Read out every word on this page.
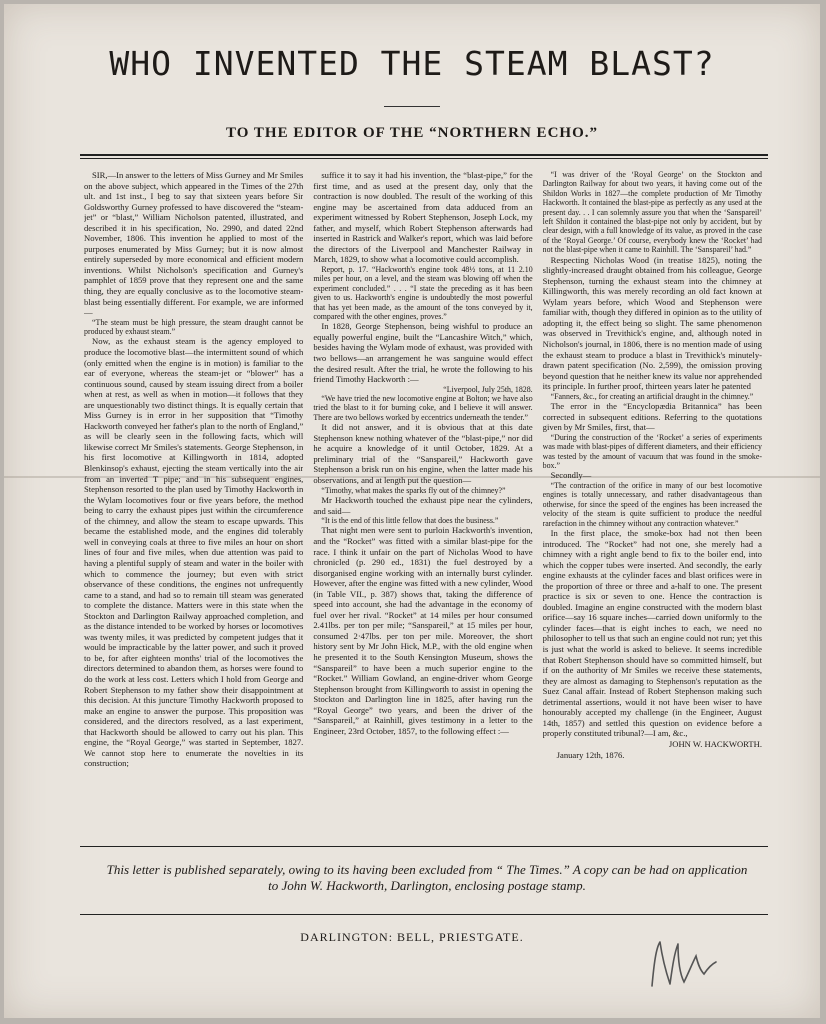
WHO INVENTED THE STEAM BLAST?
TO THE EDITOR OF THE “NORTHERN ECHO.”

SIR,—In answer to the letters of Miss Gurney and Mr Smiles on the above subject, which appeared in the Times of the 27th ult. and 1st inst., I beg to say that sixteen years before Sir Goldsworthy Gurney professed to have discovered the “steam-jet” or “blast,” William Nicholson patented, illustrated, and described it in his specification, No. 2990, and dated 22nd November, 1806. This invention he applied to most of the purposes enumerated by Miss Gurney; but it is now almost entirely superseded by more economical and efficient modern inventions. Whilst Nicholson's specification and Gurney's pamphlet of 1859 prove that they represent one and the same thing, they are equally conclusive as to the locomotive steam-blast being essentially different. For example, we are informed—

“The steam must be high pressure, the steam draught cannot be produced by exhaust steam.”

Now, as the exhaust steam is the agency employed to produce the locomotive blast—the intermittent sound of which (only emitted when the engine is in motion) is familiar to the ear of everyone, whereas the steam-jet or “blower” has a continuous sound, caused by steam issuing direct from a boiler when at rest, as well as when in motion—it follows that they are unquestionably two distinct things. It is equally certain that Miss Gurney is in error in her supposition that “Timothy Hackworth conveyed her father's plan to the north of England,” as will be clearly seen in the following facts, which will likewise correct Mr Smiles's statements. George Stephenson, in his first locomotive at Killingworth in 1814, adopted Blenkinsop's exhaust, ejecting the steam vertically into the air from an inverted T pipe; and in his subsequent engines, Stephenson resorted to the plan used by Timothy Hackworth in the Wylam locomotives four or five years before, the method being to carry the exhaust pipes just within the circumference of the chimney, and allow the steam to escape upwards. This became the established mode, and the engines did tolerably well in conveying coals at three to five miles an hour on short lines of four and five miles, when due attention was paid to having a plentiful supply of steam and water in the boiler with which to commence the journey; but even with strict observance of these conditions, the engines not unfrequently came to a stand, and had so to remain till steam was generated to complete the distance. Matters were in this state when the Stockton and Darlington Railway approached completion, and as the distance intended to be worked by horses or locomotives was twenty miles, it was predicted by competent judges that it would be impracticable by the latter power, and such it proved to be, for after eighteen months' trial of the locomotives the directors determined to abandon them, as horses were found to do the work at less cost. Letters which I hold from George and Robert Stephenson to my father show their disappointment at this decision. At this juncture Timothy Hackworth proposed to make an engine to answer the purpose. This proposition was considered, and the directors resolved, as a last experiment, that Hackworth should be allowed to carry out his plan. This engine, the “Royal George,” was started in September, 1827. We cannot stop here to enumerate the novelties in its construction;

suffice it to say it had his invention, the “blast-pipe,” for the first time, and as used at the present day, only that the contraction is now doubled. The result of the working of this engine may be ascertained from data adduced from an experiment witnessed by Robert Stephenson, Joseph Lock, my father, and myself, which Robert Stephenson afterwards had inserted in Rastrick and Walker's report, which was laid before the directors of the Liverpool and Manchester Railway in March, 1829, to show what a locomotive could accomplish.

Report, p. 17. “Hackworth's engine took 48½ tons, at 11 2.10 miles per hour, on a level, and the steam was blowing off when the experiment concluded.” . . . “I state the preceding as it has been given to us. Hackworth's engine is undoubtedly the most powerful that has yet been made, as the amount of the tons conveyed by it, compared with the other engines, proves.”

In 1828, George Stephenson, being wishful to produce an equally powerful engine, built the “Lancashire Witch,” which, besides having the Wylam mode of exhaust, was provided with two bellows—an arrangement he was sanguine would effect the desired result. After the trial, he wrote the following to his friend Timothy Hackworth :—

“Liverpool, July 25th, 1828.

“We have tried the new locomotive engine at Bolton; we have also tried the blast to it for burning coke, and I believe it will answer. There are two bellows worked by eccentrics underneath the tender.”

It did not answer, and it is obvious that at this date Stephenson knew nothing whatever of the “blast-pipe,” nor did he acquire a knowledge of it until October, 1829. At a preliminary trial of the “Sanspareil,” Hackworth gave Stephenson a brisk run on his engine, when the latter made his observations, and at length put the question—

“Timothy, what makes the sparks fly out of the chimney?”

Mr Hackworth touched the exhaust pipe near the cylinders, and said—

“It is the end of this little fellow that does the business.”

That night men were sent to purloin Hackworth's invention, and the “Rocket” was fitted with a similar blast-pipe for the race. I think it unfair on the part of Nicholas Wood to have chronicled (p. 290 ed., 1831) the fuel destroyed by a disorganised engine working with an internally burst cylinder. However, after the engine was fitted with a new cylinder, Wood (in Table VII., p. 387) shows that, taking the difference of speed into account, she had the advantage in the economy of fuel over her rival. “Rocket” at 14 miles per hour consumed 2.41lbs. per ton per mile; “Sanspareil,” at 15 miles per hour, consumed 2·47lbs. per ton per mile. Moreover, the short history sent by Mr John Hick, M.P., with the old engine when he presented it to the South Kensington Museum, shows the “Sanspareil” to have been a much superior engine to the “Rocket.” William Gowland, an engine-driver whom George Stephenson brought from Killingworth to assist in opening the Stockton and Darlington line in 1825, after having run the “Royal George” two years, and been the driver of the “Sanspareil,” at Rainhill, gives testimony in a letter to the Engineer, 23rd October, 1857, to the following effect :—

“I was driver of the ‘Royal George’ on the Stockton and Darlington Railway for about two years, it having come out of the Shildon Works in 1827—the complete production of Mr Timothy Hackworth. It contained the blast-pipe as perfectly as any used at the present day. . . I can solemnly assure you that when the ‘Sanspareil’ left Shildon it contained the blast-pipe not only by accident, but by clear design, with a full knowledge of its value, as proved in the case of the ‘Royal George.’ Of course, everybody knew the ‘Rocket’ had not the blast-pipe when it came to Rainhill. The ‘Sanspareil’ had.”

Respecting Nicholas Wood (in treatise 1825), noting the slightly-increased draught obtained from his colleague, George Stephenson, turning the exhaust steam into the chimney at Killingworth, this was merely recording an old fact known at Wylam years before, which Wood and Stephenson were familiar with, though they differed in opinion as to the utility of adopting it, the effect being so slight. The same phenomenon was observed in Trevithick's engine, and, although noted in Nicholson's journal, in 1806, there is no mention made of using the exhaust steam to produce a blast in Trevithick's minutely-drawn patent specification (No. 2,599), the omission proving beyond question that he neither knew its value nor apprehended its principle. In further proof, thirteen years later he patented

“Fanners, &c., for creating an artificial draught in the chimney.”

The error in the “Encyclopædia Britannica” has been corrected in subsequent editions. Referring to the quotations given by Mr Smiles, first, that—

“During the construction of the ‘Rocket’ a series of experiments was made with blast-pipes of different diameters, and their efficiency was tested by the amount of vacuum that was found in the smoke-box.”

Secondly—

“The contraction of the orifice in many of our best locomotive engines is totally unnecessary, and rather disadvantageous than otherwise, for since the speed of the engines has been increased the velocity of the steam is quite sufficient to produce the needful rarefaction in the chimney without any contraction whatever.”

In the first place, the smoke-box had not then been introduced. The “Rocket” had not one, she merely had a chimney with a right angle bend to fix to the boiler end, into which the copper tubes were inserted. And secondly, the early engine exhausts at the cylinder faces and blast orifices were in the proportion of three or three and a-half to one. The present practice is six or seven to one. Hence the contraction is doubled. Imagine an engine constructed with the modern blast orifice—say 16 square inches—carried down uniformly to the cylinder faces—that is eight inches to each, we need no philosopher to tell us that such an engine could not run; yet this is just what the world is asked to believe. It seems incredible that Robert Stephenson should have so committed himself, but if on the authority of Mr Smiles we receive these statements, they are almost as damaging to Stephenson's reputation as the Suez Canal affair. Instead of Robert Stephenson making such detrimental assertions, would it not have been wiser to have honourably accepted my challenge (in the Engineer, August 14th, 1857) and settled this question on evidence before a properly constituted tribunal?—I am, &c.,

JOHN W. HACKWORTH.

January 12th, 1876.

This letter is published separately, owing to its having been excluded from “ The Times.” A copy can be had on application to John W. Hackworth, Darlington, enclosing postage stamp.

DARLINGTON: BELL, PRIESTGATE.
